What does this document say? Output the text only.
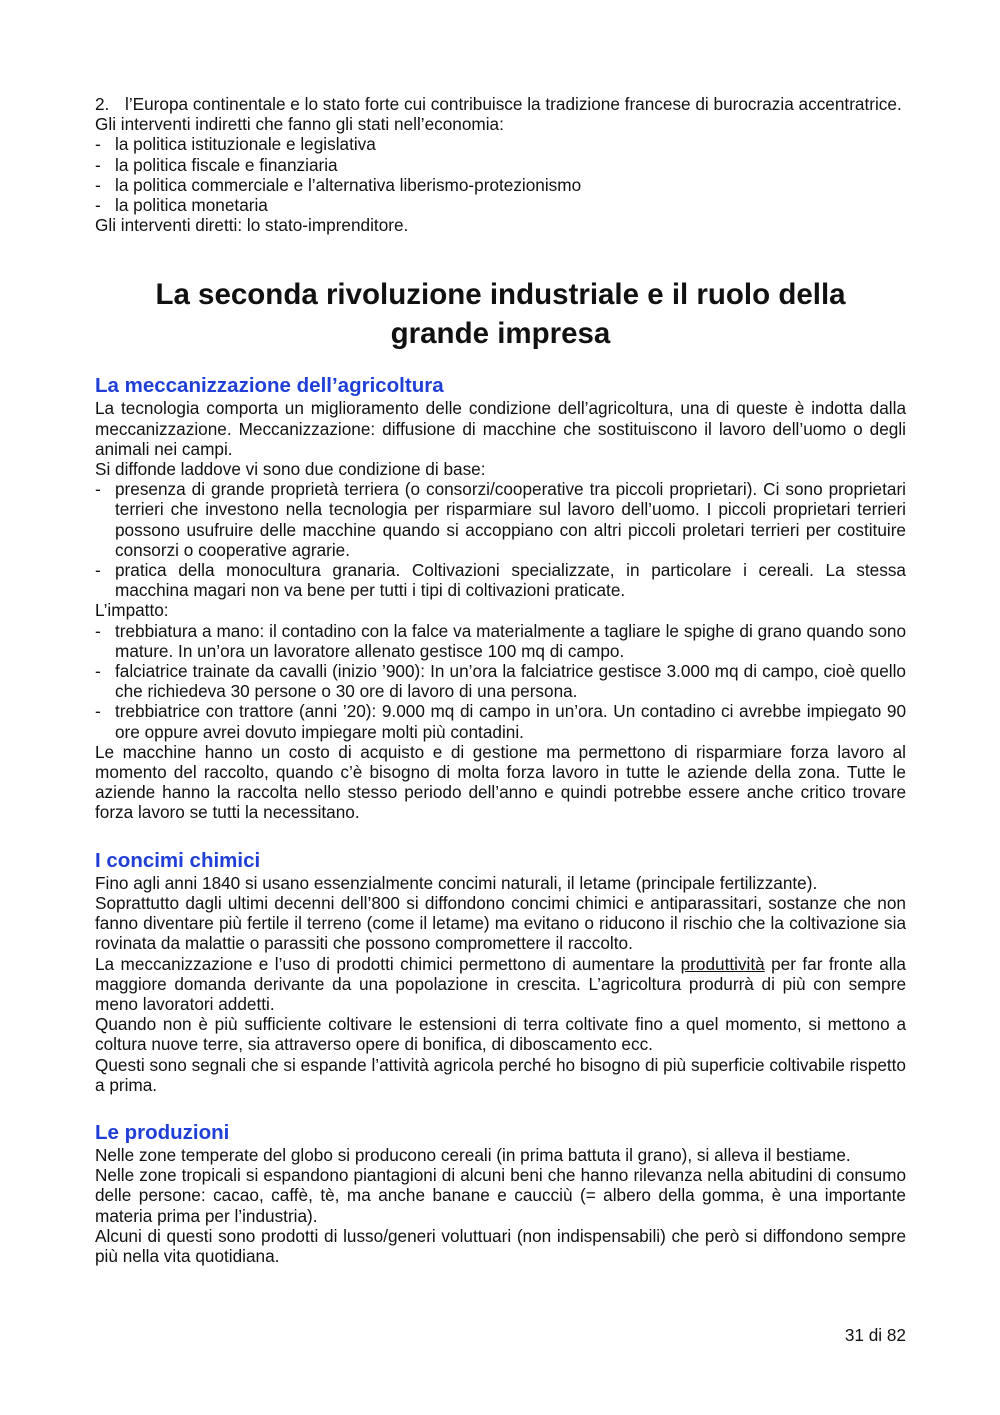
2. l’Europa continentale e lo stato forte cui contribuisce la tradizione francese di burocrazia accentratrice.

Gli interventi indiretti che fanno gli stati nell’economia:

- la politica istituzionale e legislativa
- la politica fiscale e finanziaria
- la politica commerciale e l’alternativa liberismo-protezionismo
- la politica monetaria

Gli interventi diretti: lo stato-imprenditore.

La seconda rivoluzione industriale e il ruolo della grande impresa
La meccanizzazione dell’agricoltura

La tecnologia comporta un miglioramento delle condizione dell’agricoltura, una di queste è indotta dalla meccanizzazione. Meccanizzazione: diffusione di macchine che sostituiscono il lavoro dell’uomo o degli animali nei campi.

Si diffonde laddove vi sono due condizione di base:

- presenza di grande proprietà terriera (o consorzi/cooperative tra piccoli proprietari). Ci sono proprietari terrieri che investono nella tecnologia per risparmiare sul lavoro dell’uomo. I piccoli proprietari terrieri possono usufruire delle macchine quando si accoppiano con altri piccoli proletari terrieri per costituire consorzi o cooperative agrarie.
- pratica della monocultura granaria. Coltivazioni specializzate, in particolare i cereali. La stessa macchina magari non va bene per tutti i tipi di coltivazioni praticate.

L’impatto:

- trebbiatura a mano: il contadino con la falce va materialmente a tagliare le spighe di grano quando sono mature. In un’ora un lavoratore allenato gestisce 100 mq di campo.
- falciatrice trainate da cavalli (inizio ’900): In un’ora la falciatrice gestisce 3.000 mq di campo, cioè quello che richiedeva 30 persone o 30 ore di lavoro di una persona.
- trebbiatrice con trattore (anni ’20): 9.000 mq di campo in un’ora. Un contadino ci avrebbe impiegato 90 ore oppure avrei dovuto impiegare molti più contadini.

Le macchine hanno un costo di acquisto e di gestione ma permettono di risparmiare forza lavoro al momento del raccolto, quando c’è bisogno di molta forza lavoro in tutte le aziende della zona. Tutte le aziende hanno la raccolta nello stesso periodo dell’anno e quindi potrebbe essere anche critico trovare forza lavoro se tutti la necessitano.

I concimi chimici

Fino agli anni 1840 si usano essenzialmente concimi naturali, il letame (principale fertilizzante).

Soprattutto dagli ultimi decenni dell’800 si diffondono concimi chimici e antiparassitari, sostanze che non fanno diventare più fertile il terreno (come il letame) ma evitano o riducono il rischio che la coltivazione sia rovinata da malattie o parassiti che possono compromettere il raccolto.

La meccanizzazione e l’uso di prodotti chimici permettono di aumentare la produttività per far fronte alla maggiore domanda derivante da una popolazione in crescita. L’agricoltura produrrà di più con sempre meno lavoratori addetti.

Quando non è più sufficiente coltivare le estensioni di terra coltivate fino a quel momento, si mettono a coltura nuove terre, sia attraverso opere di bonifica, di diboscamento ecc.

Questi sono segnali che si espande l’attività agricola perché ho bisogno di più superficie coltivabile rispetto a prima.

Le produzioni

Nelle zone temperate del globo si producono cereali (in prima battuta il grano), si alleva il bestiame.

Nelle zone tropicali si espandono piantagioni di alcuni beni che hanno rilevanza nella abitudini di consumo delle persone: cacao, caffè, tè, ma anche banane e caucciù (= albero della gomma, è una importante materia prima per l’industria).

Alcuni di questi sono prodotti di lusso/generi voluttuari (non indispensabili) che però si diffondono sempre più nella vita quotidiana.

31 di 82
